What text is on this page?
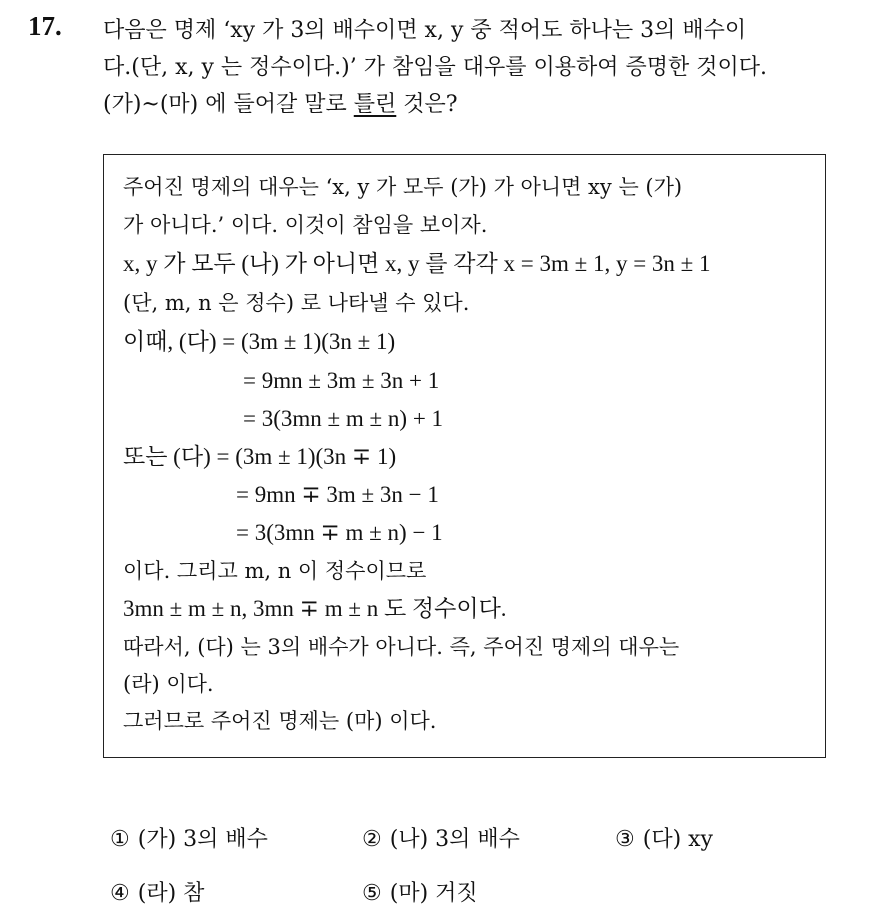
17. 다음은 명제 ‘xy 가 3의 배수이면 x, y 중 적어도 하나는 3의 배수이
다.(단, x, y 는 정수이다.)’ 가 참임을 대우를 이용하여 증명한 것이다.
(가)~(마) 에 들어갈 말로 틀린 것은?
주어진 명제의 대우는 ‘x, y 가 모두 (가) 가 아니면 xy 는 (가)
가 아니다.’ 이다. 이것이 참임을 보이자.
x, y 가 모두 (나) 가 아니면 x, y 를 각각 x = 3m ± 1, y = 3n ± 1
(단, m, n 은 정수) 로 나타낼 수 있다.
이때, (다) = (3m ± 1)(3n ± 1)
= 9mn ± 3m ± 3n + 1
= 3(3mn ± m ± n) + 1
또는 (다) = (3m ± 1)(3n ∓ 1)
= 9mn ∓ 3m ± 3n − 1
= 3(3mn ∓ m ± n) − 1
이다. 그리고 m, n 이 정수이므로
3mn ± m ± n, 3mn ∓ m ± n 도 정수이다.
따라서, (다) 는 3의 배수가 아니다. 즉, 주어진 명제의 대우는
(라) 이다.
그러므로 주어진 명제는 (마) 이다.
① (가) 3의 배수	② (나) 3의 배수	③ (다) xy
④ (라) 참	⑤ (마) 거짓
